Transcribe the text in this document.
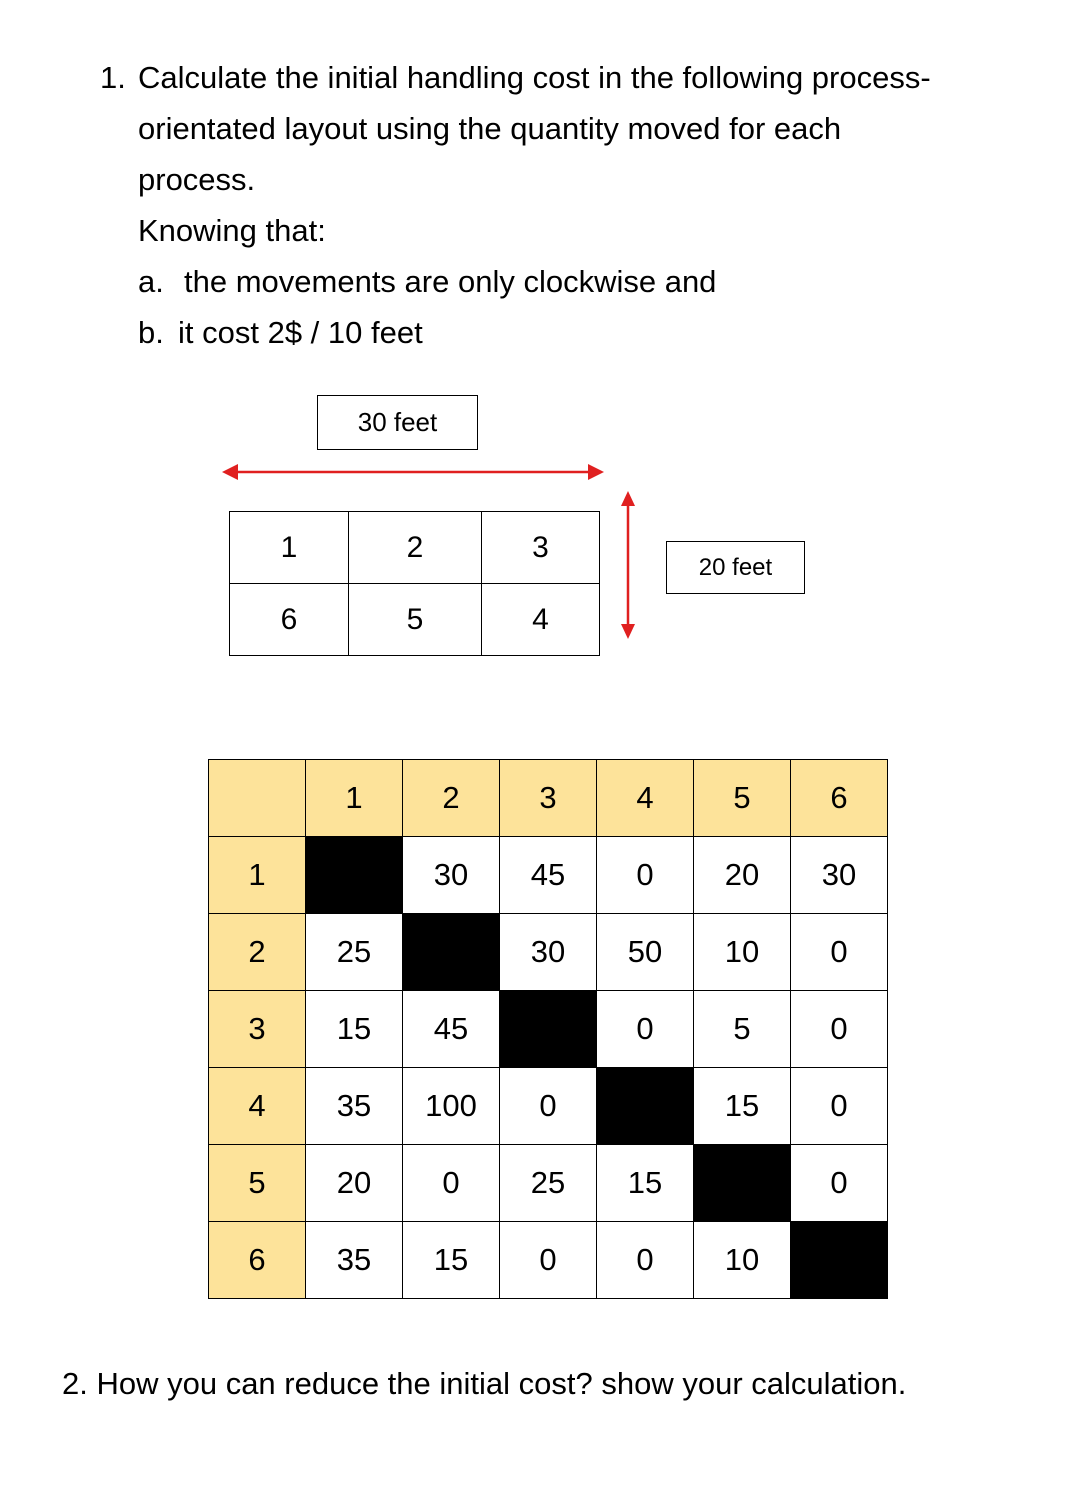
1. Calculate the initial handling cost in the following process-
orientated layout using the quantity moved for each
process.
Knowing that:
a. the movements are only clockwise and
b. it cost 2$ / 10 feet
30 feet
20 feet
1	2	3
6	5	4
	1	2	3	4	5	6
1		30	45	0	20	30
2	25		30	50	10	0
3	15	45		0	5	0
4	35	100	0		15	0
5	20	0	25	15		0
6	35	15	0	0	10	
2. How you can reduce the initial cost? show your calculation.
